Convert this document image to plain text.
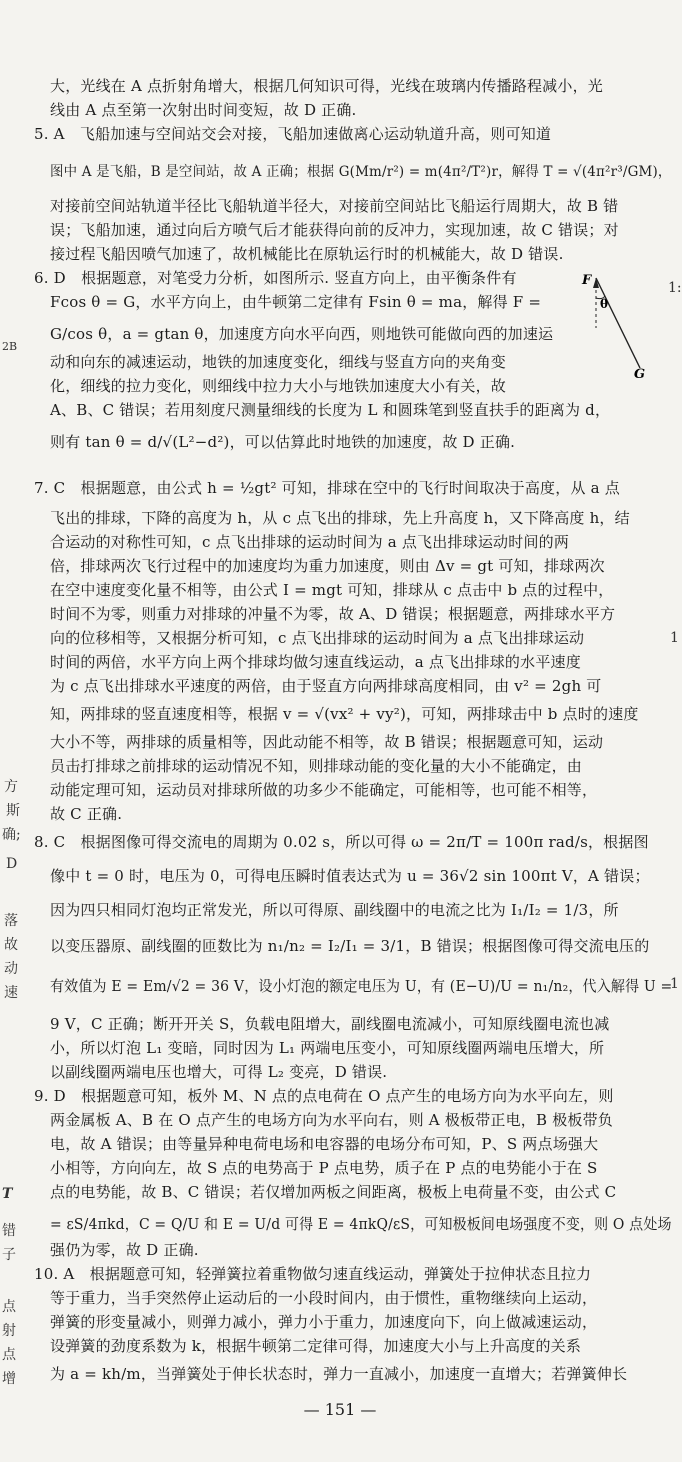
大，光线在 A 点折射角增大，根据几何知识可得，光线在玻璃内传播路程减小，光
线由 A 点至第一次射出时间变短，故 D 正确.
5. A　飞船加速与空间站交会对接，飞船加速做离心运动轨道升高，则可知道
图中 A 是飞船，B 是空间站，故 A 正确；根据 G(Mm/r²) = m(4π²/T²)r，解得 T = √(4π²r³/GM)，
对接前空间站轨道半径比飞船轨道半径大，对接前空间站比飞船运行周期大，故 B 错
误；飞船加速，通过向后方喷气后才能获得向前的反冲力，实现加速，故 C 错误；对
接过程飞船因喷气加速了，故机械能比在原轨运行时的机械能大，故 D 错误.
6. D　根据题意，对笔受力分析，如图所示. 竖直方向上，由平衡条件有
Fcos θ = G，水平方向上，由牛顿第二定律有 Fsin θ = ma，解得 F =
G/cos θ，a = gtan θ，加速度方向水平向西，则地铁可能做向西的加速运
动和向东的减速运动，地铁的加速度变化，细线与竖直方向的夹角变
化，细线的拉力变化，则细线中拉力大小与地铁加速度大小有关，故
A、B、C 错误；若用刻度尺测量细线的长度为 L 和圆珠笔到竖直扶手的距离为 d，
则有 tan θ = d/√(L²−d²)，可以估算此时地铁的加速度，故 D 正确.
7. C　根据题意，由公式 h = ½gt² 可知，排球在空中的飞行时间取决于高度，从 a 点
飞出的排球，下降的高度为 h，从 c 点飞出的排球，先上升高度 h，又下降高度 h，结
合运动的对称性可知，c 点飞出排球的运动时间为 a 点飞出排球运动时间的两
倍，排球两次飞行过程中的加速度均为重力加速度，则由 Δv = gt 可知，排球两次
在空中速度变化量不相等，由公式 I = mgt 可知，排球从 c 点击中 b 点的过程中，
时间不为零，则重力对排球的冲量不为零，故 A、D 错误；根据题意，两排球水平方
向的位移相等，又根据分析可知，c 点飞出排球的运动时间为 a 点飞出排球运动
时间的两倍，水平方向上两个排球均做匀速直线运动，a 点飞出排球的水平速度
为 c 点飞出排球水平速度的两倍，由于竖直方向两排球高度相同，由 v² = 2gh 可
知，两排球的竖直速度相等，根据 v = √(vx² + vy²)，可知，两排球击中 b 点时的速度
大小不等，两排球的质量相等，因此动能不相等，故 B 错误；根据题意可知，运动
员击打排球之前排球的运动情况不知，则排球动能的变化量的大小不能确定，由
动能定理可知，运动员对排球所做的功多少不能确定，可能相等，也可能不相等，
故 C 正确.
8. C　根据图像可得交流电的周期为 0.02 s，所以可得 ω = 2π/T = 100π rad/s，根据图
像中 t = 0 时，电压为 0，可得电压瞬时值表达式为 u = 36√2 sin 100πt V，A 错误；
因为四只相同灯泡均正常发光，所以可得原、副线圈中的电流之比为 I₁/I₂ = 1/3，所
以变压器原、副线圈的匝数比为 n₁/n₂ = I₂/I₁ = 3/1，B 错误；根据图像可得交流电压的
有效值为 E = Em/√2 = 36 V，设小灯泡的额定电压为 U，有 (E−U)/U = n₁/n₂，代入解得 U =
9 V，C 正确；断开开关 S，负载电阻增大，副线圈电流减小，可知原线圈电流也减
小，所以灯泡 L₁ 变暗，同时因为 L₁ 两端电压变小，可知原线圈两端电压增大，所
以副线圈两端电压也增大，可得 L₂ 变亮，D 错误.
9. D　根据题意可知，板外 M、N 点的点电荷在 O 点产生的电场方向为水平向左，则
两金属板 A、B 在 O 点产生的电场方向为水平向右，则 A 极板带正电，B 极板带负
电，故 A 错误；由等量异种电荷电场和电容器的电场分布可知，P、S 两点场强大
小相等，方向向左，故 S 点的电势高于 P 点电势，质子在 P 点的电势能小于在 S
点的电势能，故 B、C 错误；若仅增加两板之间距离，极板上电荷量不变，由公式 C
= εS/4πkd，C = Q/U 和 E = U/d 可得 E = 4πkQ/εS，可知极板间电场强度不变，则 O 点处场
强仍为零，故 D 正确.
10. A　根据题意可知，轻弹簧拉着重物做匀速直线运动，弹簧处于拉伸状态且拉力
等于重力，当手突然停止运动后的一小段时间内，由于惯性，重物继续向上运动，
弹簧的形变量减小，则弹力减小，弹力小于重力，加速度向下，向上做减速运动，
设弹簧的劲度系数为 k，根据牛顿第二定律可得，加速度大小与上升高度的关系
为 a = kh/m，当弹簧处于伸长状态时，弹力一直减小，加速度一直增大；若弹簧伸长
F
θ
G
2B
方
斯
确;
D
落
故
动
速
T
错
子
点
射
点
增
1:
1
1
— 151 —
